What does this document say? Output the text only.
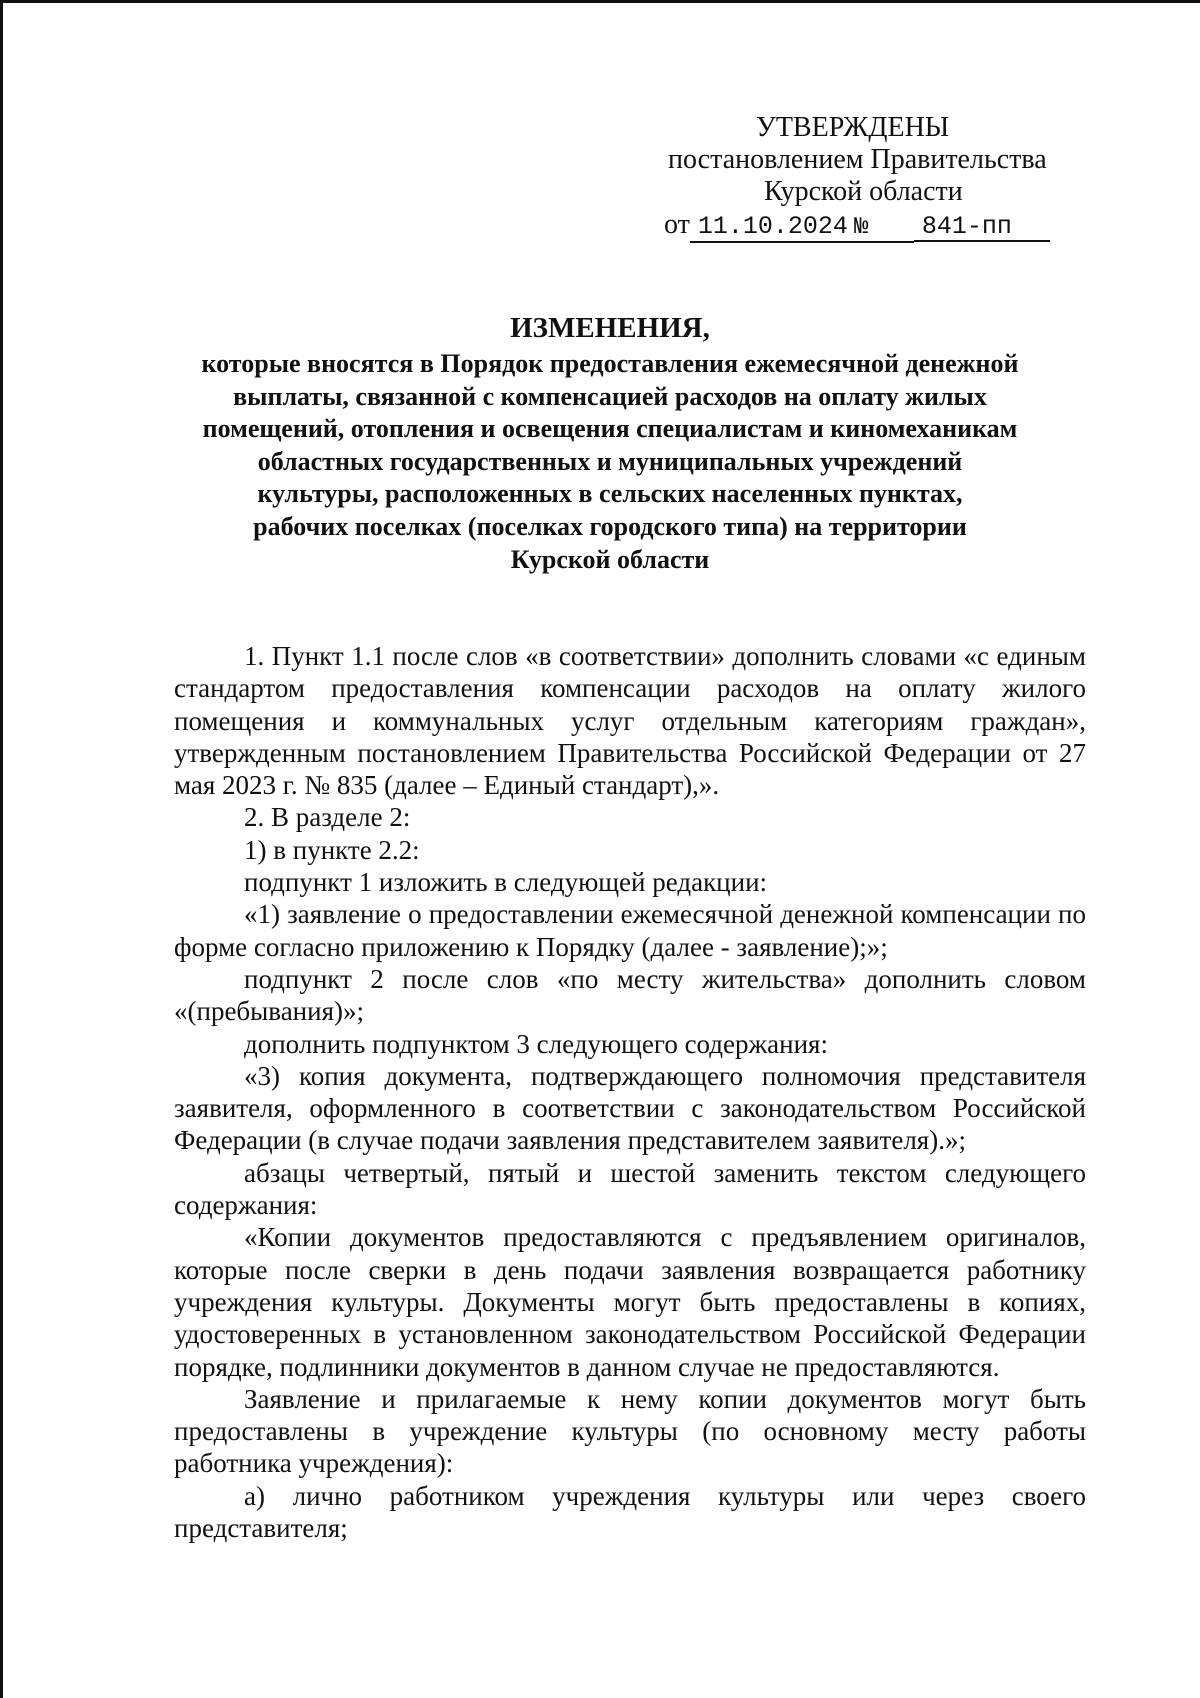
УТВЕРЖДЕНЫ
постановлением Правительства
Курской области
от 11.10.2024 № 841-пп
ИЗМЕНЕНИЯ,
которые вносятся в Порядок предоставления ежемесячной денежной
выплаты, связанной с компенсацией расходов на оплату жилых
помещений, отопления и освещения специалистам и киномеханикам
областных государственных и муниципальных учреждений
культуры, расположенных в сельских населенных пунктах,
рабочих поселках (поселках городского типа) на территории
Курской области

1. Пункт 1.1 после слов «в соответствии» дополнить словами «с единым стандартом предоставления компенсации расходов на оплату жилого помещения и коммунальных услуг отдельным категориям граждан», утвержденным постановлением Правительства Российской Федерации от 27 мая 2023 г. № 835 (далее – Единый стандарт),».

2. В разделе 2:

1) в пункте 2.2:

подпункт 1 изложить в следующей редакции:

«1) заявление о предоставлении ежемесячной денежной компенсации по форме согласно приложению к Порядку (далее - заявление);»;

подпункт 2 после слов «по месту жительства» дополнить словом «(пребывания)»;

дополнить подпунктом 3 следующего содержания:

«3) копия документа, подтверждающего полномочия представителя заявителя, оформленного в соответствии с законодательством Российской Федерации (в случае подачи заявления представителем заявителя).»;

абзацы четвертый, пятый и шестой заменить текстом следующего содержания:

«Копии документов предоставляются с предъявлением оригиналов, которые после сверки в день подачи заявления возвращается работнику учреждения культуры. Документы могут быть предоставлены в копиях, удостоверенных в установленном законодательством Российской Федерации порядке, подлинники документов в данном случае не предоставляются.

Заявление и прилагаемые к нему копии документов могут быть предоставлены в учреждение культуры (по основному месту работы работника учреждения):

а) лично работником учреждения культуры или через своего представителя;
